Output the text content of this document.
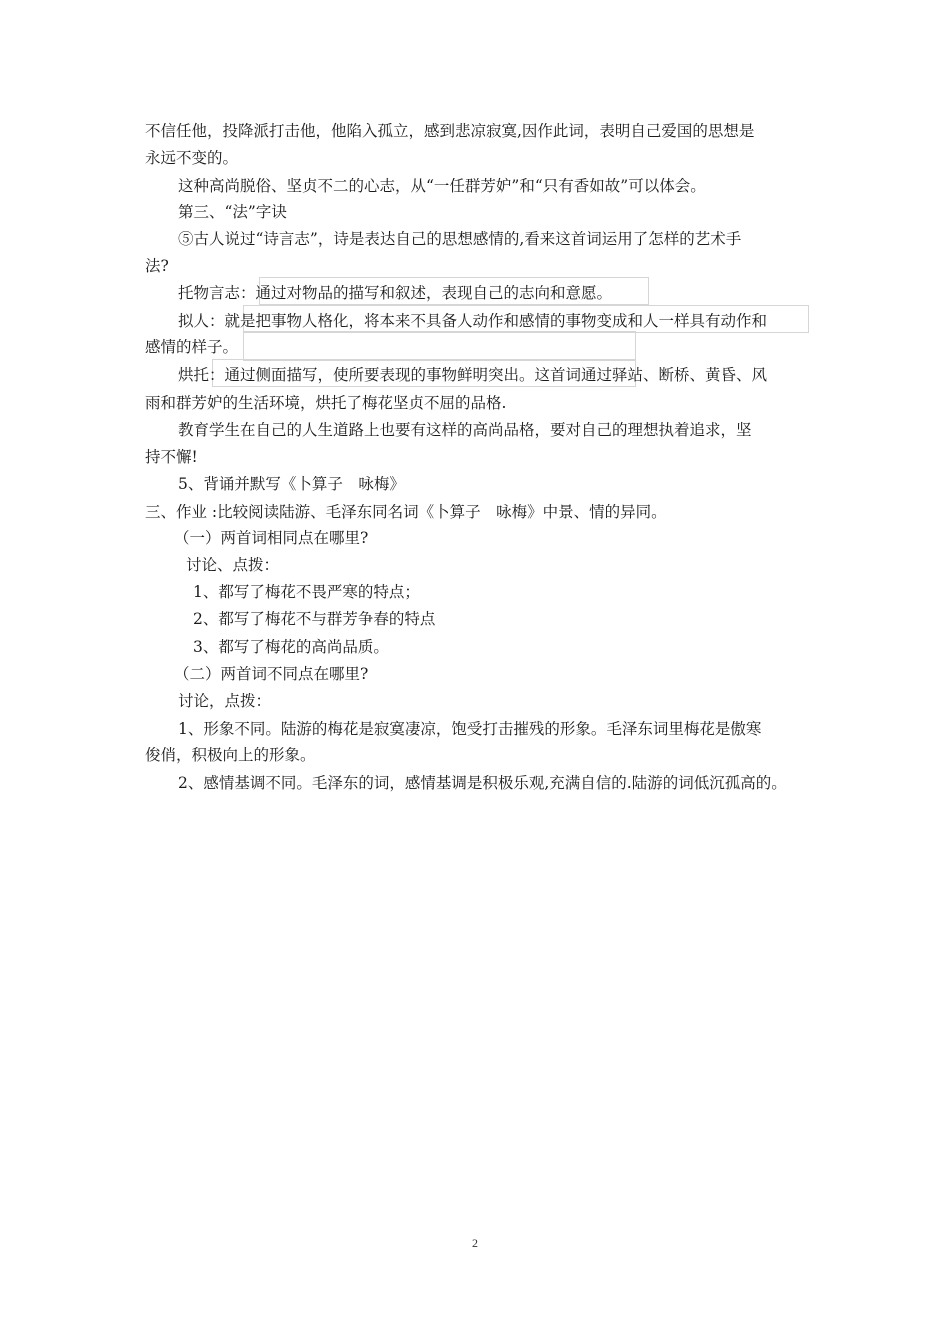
不信任他，投降派打击他，他陷入孤立，感到悲凉寂寞,因作此词，表明自己爱国的思想是
永远不变的。
这种高尚脱俗、坚贞不二的心志，从“一任群芳妒”和“只有香如故”可以体会。
第三、“法”字诀
⑤古人说过“诗言志”，诗是表达自己的思想感情的,看来这首词运用了怎样的艺术手
法?
托物言志：通过对物品的描写和叙述，表现自己的志向和意愿。
拟人：就是把事物人格化，将本来不具备人动作和感情的事物变成和人一样具有动作和
感情的样子。
烘托：通过侧面描写，使所要表现的事物鲜明突出。这首词通过驿站、断桥、黄昏、风
雨和群芳妒的生活环境，烘托了梅花坚贞不屈的品格.
教育学生在自己的人生道路上也要有这样的高尚品格，要对自己的理想执着追求，坚
持不懈!
5、背诵并默写《卜算子　咏梅》
三、作业 :比较阅读陆游、毛泽东同名词《卜算子　咏梅》中景、情的异同。
（一）两首词相同点在哪里?
讨论、点拨：
1、都写了梅花不畏严寒的特点；
2、都写了梅花不与群芳争春的特点
3、都写了梅花的高尚品质。
（二）两首词不同点在哪里?
讨论，点拨：
1、形象不同。陆游的梅花是寂寞凄凉，饱受打击摧残的形象。毛泽东词里梅花是傲寒
俊俏，积极向上的形象。
2、感情基调不同。毛泽东的词，感情基调是积极乐观,充满自信的.陆游的词低沉孤高的。
2
